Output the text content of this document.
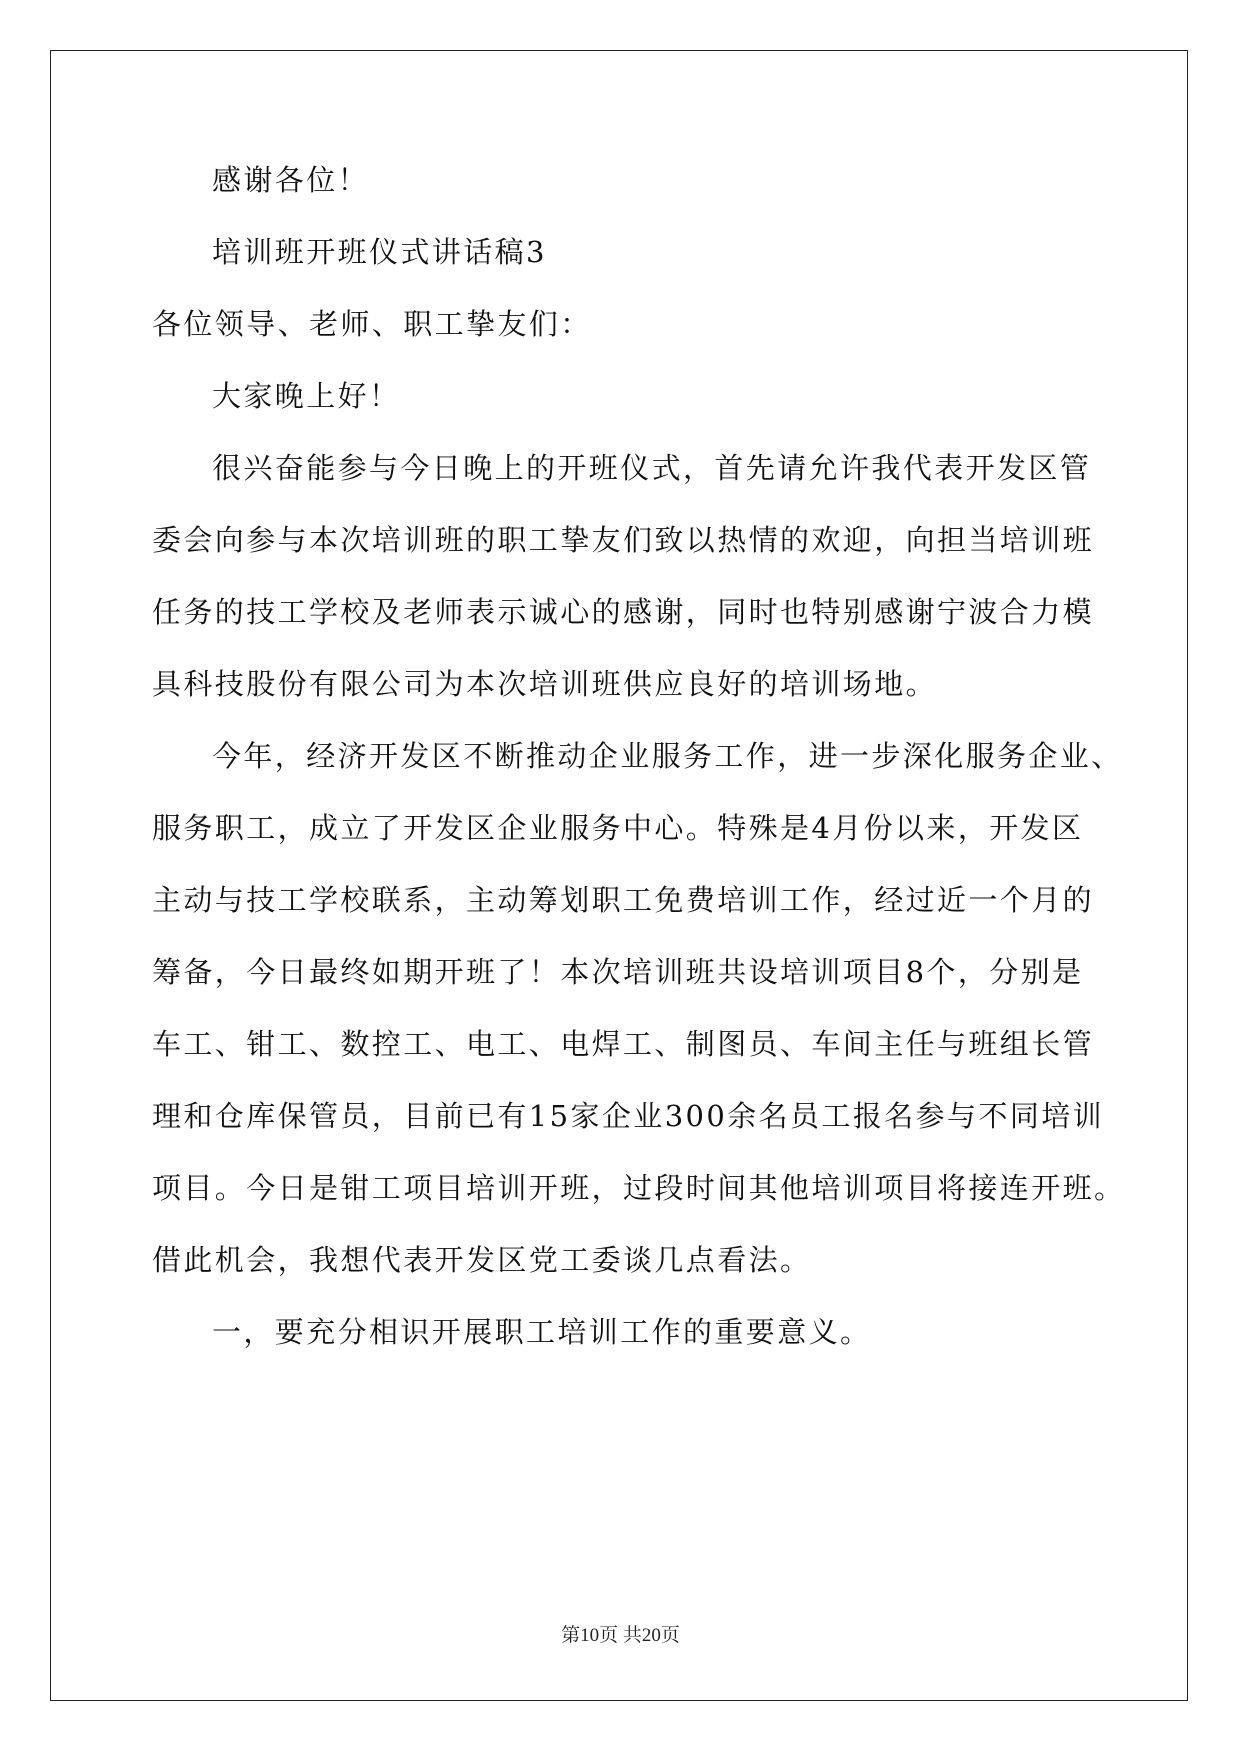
感谢各位！
培训班开班仪式讲话稿3
各位领导、老师、职工挚友们：
大家晚上好！
很兴奋能参与今日晚上的开班仪式，首先请允许我代表开发区管
委会向参与本次培训班的职工挚友们致以热情的欢迎，向担当培训班
任务的技工学校及老师表示诚心的感谢，同时也特别感谢宁波合力模
具科技股份有限公司为本次培训班供应良好的培训场地。
今年，经济开发区不断推动企业服务工作，进一步深化服务企业、
服务职工，成立了开发区企业服务中心。特殊是4月份以来，开发区
主动与技工学校联系，主动筹划职工免费培训工作，经过近一个月的
筹备，今日最终如期开班了！本次培训班共设培训项目8个，分别是
车工、钳工、数控工、电工、电焊工、制图员、车间主任与班组长管
理和仓库保管员，目前已有15家企业300余名员工报名参与不同培训
项目。今日是钳工项目培训开班，过段时间其他培训项目将接连开班。
借此机会，我想代表开发区党工委谈几点看法。
一，要充分相识开展职工培训工作的重要意义。
第10页 共20页
